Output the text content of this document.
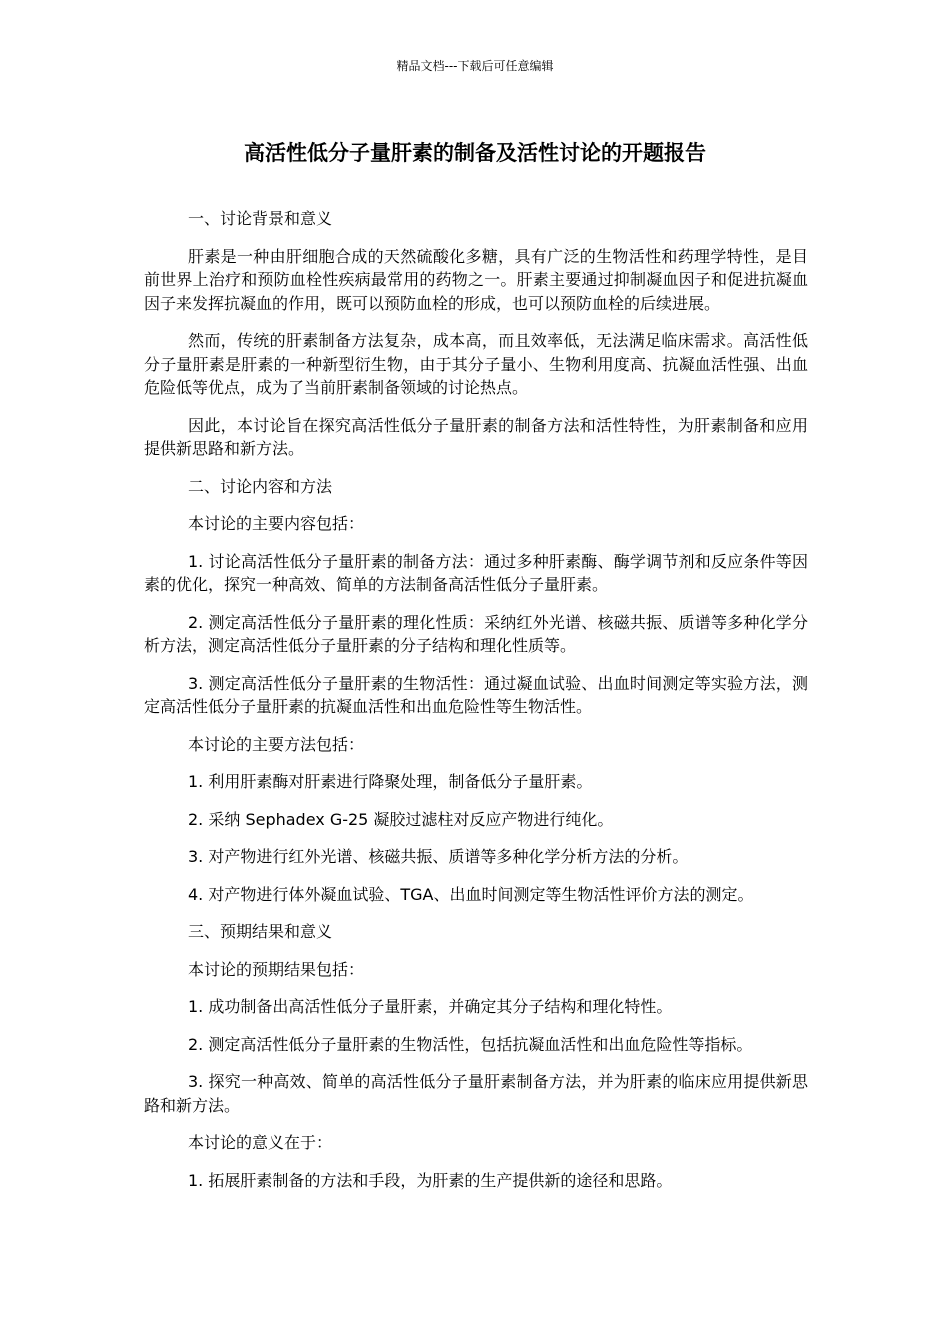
精品文档---下载后可任意编辑
高活性低分子量肝素的制备及活性讨论的开题报告

一、讨论背景和意义

肝素是一种由肝细胞合成的天然硫酸化多糖，具有广泛的生物活性和药理学特性，是目前世界上治疗和预防血栓性疾病最常用的药物之一。肝素主要通过抑制凝血因子和促进抗凝血因子来发挥抗凝血的作用，既可以预防血栓的形成，也可以预防血栓的后续进展。

然而，传统的肝素制备方法复杂，成本高，而且效率低，无法满足临床需求。高活性低分子量肝素是肝素的一种新型衍生物，由于其分子量小、生物利用度高、抗凝血活性强、出血危险低等优点，成为了当前肝素制备领域的讨论热点。

因此，本讨论旨在探究高活性低分子量肝素的制备方法和活性特性，为肝素制备和应用提供新思路和新方法。

二、讨论内容和方法

本讨论的主要内容包括：

1. 讨论高活性低分子量肝素的制备方法：通过多种肝素酶、酶学调节剂和反应条件等因素的优化，探究一种高效、简单的方法制备高活性低分子量肝素。

2. 测定高活性低分子量肝素的理化性质：采纳红外光谱、核磁共振、质谱等多种化学分析方法，测定高活性低分子量肝素的分子结构和理化性质等。

3. 测定高活性低分子量肝素的生物活性：通过凝血试验、出血时间测定等实验方法，测定高活性低分子量肝素的抗凝血活性和出血危险性等生物活性。

本讨论的主要方法包括：

1. 利用肝素酶对肝素进行降聚处理，制备低分子量肝素。

2. 采纳 Sephadex G-25 凝胶过滤柱对反应产物进行纯化。

3. 对产物进行红外光谱、核磁共振、质谱等多种化学分析方法的分析。

4. 对产物进行体外凝血试验、TGA、出血时间测定等生物活性评价方法的测定。

三、预期结果和意义

本讨论的预期结果包括：

1. 成功制备出高活性低分子量肝素，并确定其分子结构和理化特性。

2. 测定高活性低分子量肝素的生物活性，包括抗凝血活性和出血危险性等指标。

3. 探究一种高效、简单的高活性低分子量肝素制备方法，并为肝素的临床应用提供新思路和新方法。

本讨论的意义在于：

1. 拓展肝素制备的方法和手段，为肝素的生产提供新的途径和思路。
